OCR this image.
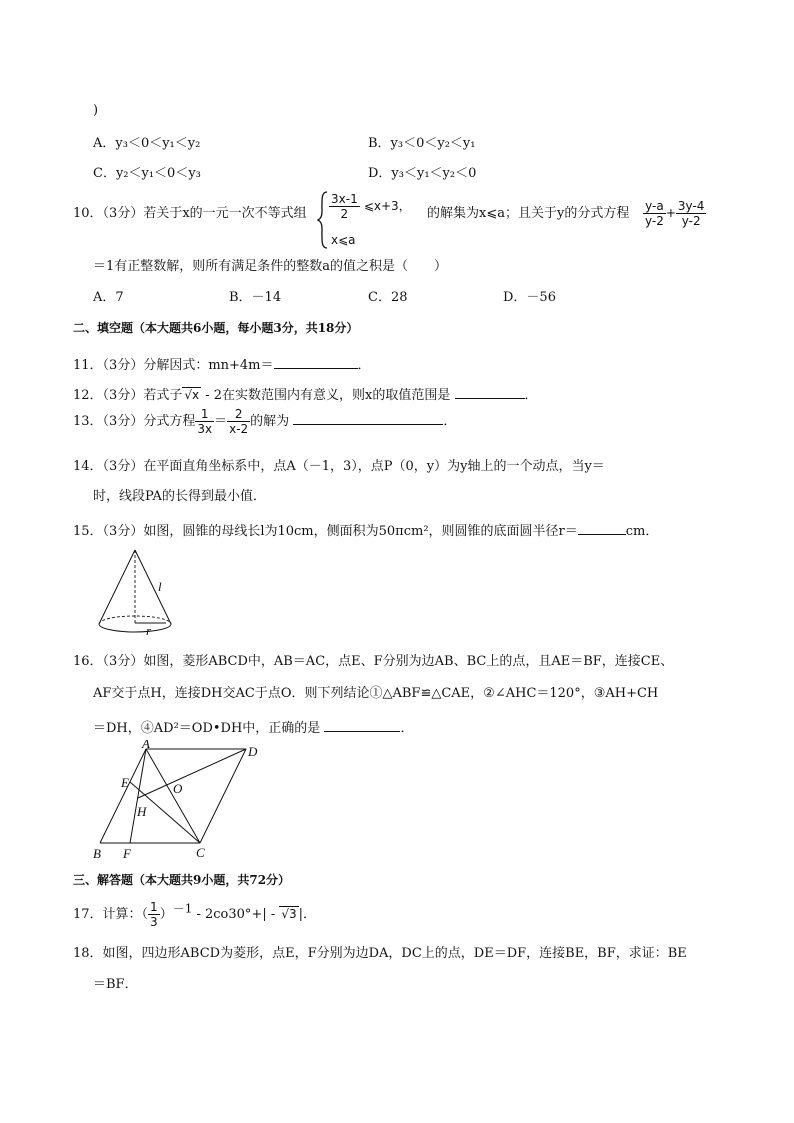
)
A．y₃＜0＜y₁＜y₂	B．y₃＜0＜y₂＜y₁
C．y₂＜y₁＜0＜y₃	D．y₃＜y₁＜y₂＜0
10．（3分）若关于x的一元一次不等式组 $\frac{3x-1}{2}$ ⩽x+3，
x⩽a
的解集为x⩽a；且关于y的分式方程 $\frac{y-a}{y-2} + \frac{3y-4}{y-2}$
＝1有正整数解，则所有满足条件的整数a的值之积是（　　）
A．7	B．－14	C．28	D．－56
二、填空题（本大题共6小题，每小题3分，共18分）
11．（3分）分解因式：mn+4m＝	．
12．（3分）若式子 √x - 2在实数范围内有意义，则x的取值范围是	．
13．（3分）分式方程 $\frac{1}{3x} = \frac{2}{x-2}$ 的解为	．
14．（3分）在平面直角坐标系中，点A（－1，3），点P（0，y）为y轴上的一个动点，当y＝
时，线段PA的长得到最小值．
15．（3分）如图，圆锥的母线长l为10cm，侧面积为50πcm²，则圆锥的底面圆半径r＝	cm．
l
r
16．（3分）如图，菱形ABCD中，AB＝AC，点E、F分别为边AB、BC上的点，且AE＝BF，连接CE、
AF交于点H，连接DH交AC于点O．则下列结论①△ABF≌△CAE，②∠AHC＝120°，③AH+CH
＝DH，④AD²＝OD•DH中，正确的是	．
A
D
E	O
H
B F	C
三、解答题（本大题共9小题，共72分）
17．计算：（ $\frac{1}{3} )^{-1} - 2co30^\circ+| - √3$ |．
18．如图，四边形ABCD为菱形，点E，F分别为边DA，DC上的点，DE＝DF，连接BE，BF，求证：BE
＝BF．
